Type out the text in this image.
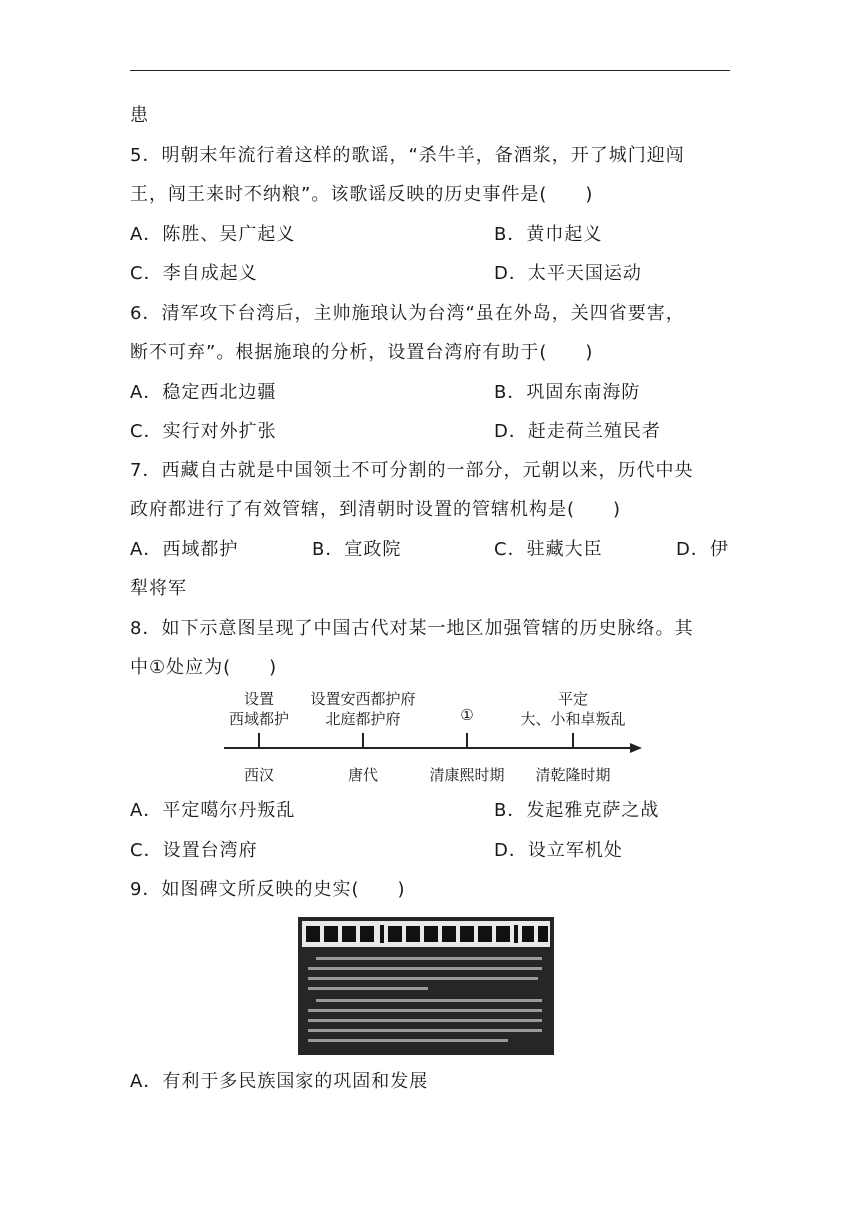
患
5．明朝末年流行着这样的歌谣，“杀牛羊，备酒浆，开了城门迎闯
王，闯王来时不纳粮”。该歌谣反映的历史事件是(　　)
A．陈胜、吴广起义	B．黄巾起义
C．李自成起义	D．太平天国运动
6．清军攻下台湾后，主帅施琅认为台湾“虽在外岛，关四省要害，
断不可弃”。根据施琅的分析，设置台湾府有助于(　　)
A．稳定西北边疆	B．巩固东南海防
C．实行对外扩张	D．赶走荷兰殖民者
7．西藏自古就是中国领土不可分割的一部分，元朝以来，历代中央
政府都进行了有效管辖，到清朝时设置的管辖机构是(　　)
A．西域都护	B．宣政院	C．驻藏大臣	D．伊
犁将军
8．如下示意图呈现了中国古代对某一地区加强管辖的历史脉络。其
中①处应为(　　)
设置
西域都护
设置安西都护府
北庭都护府	①
平定
大、小和卓叛乱
西汉	唐代	清康熙时期 清乾隆时期
A．平定噶尔丹叛乱	B．发起雅克萨之战
C．设置台湾府	D．设立军机处
9．如图碑文所反映的史实(　　)
A．有利于多民族国家的巩固和发展
